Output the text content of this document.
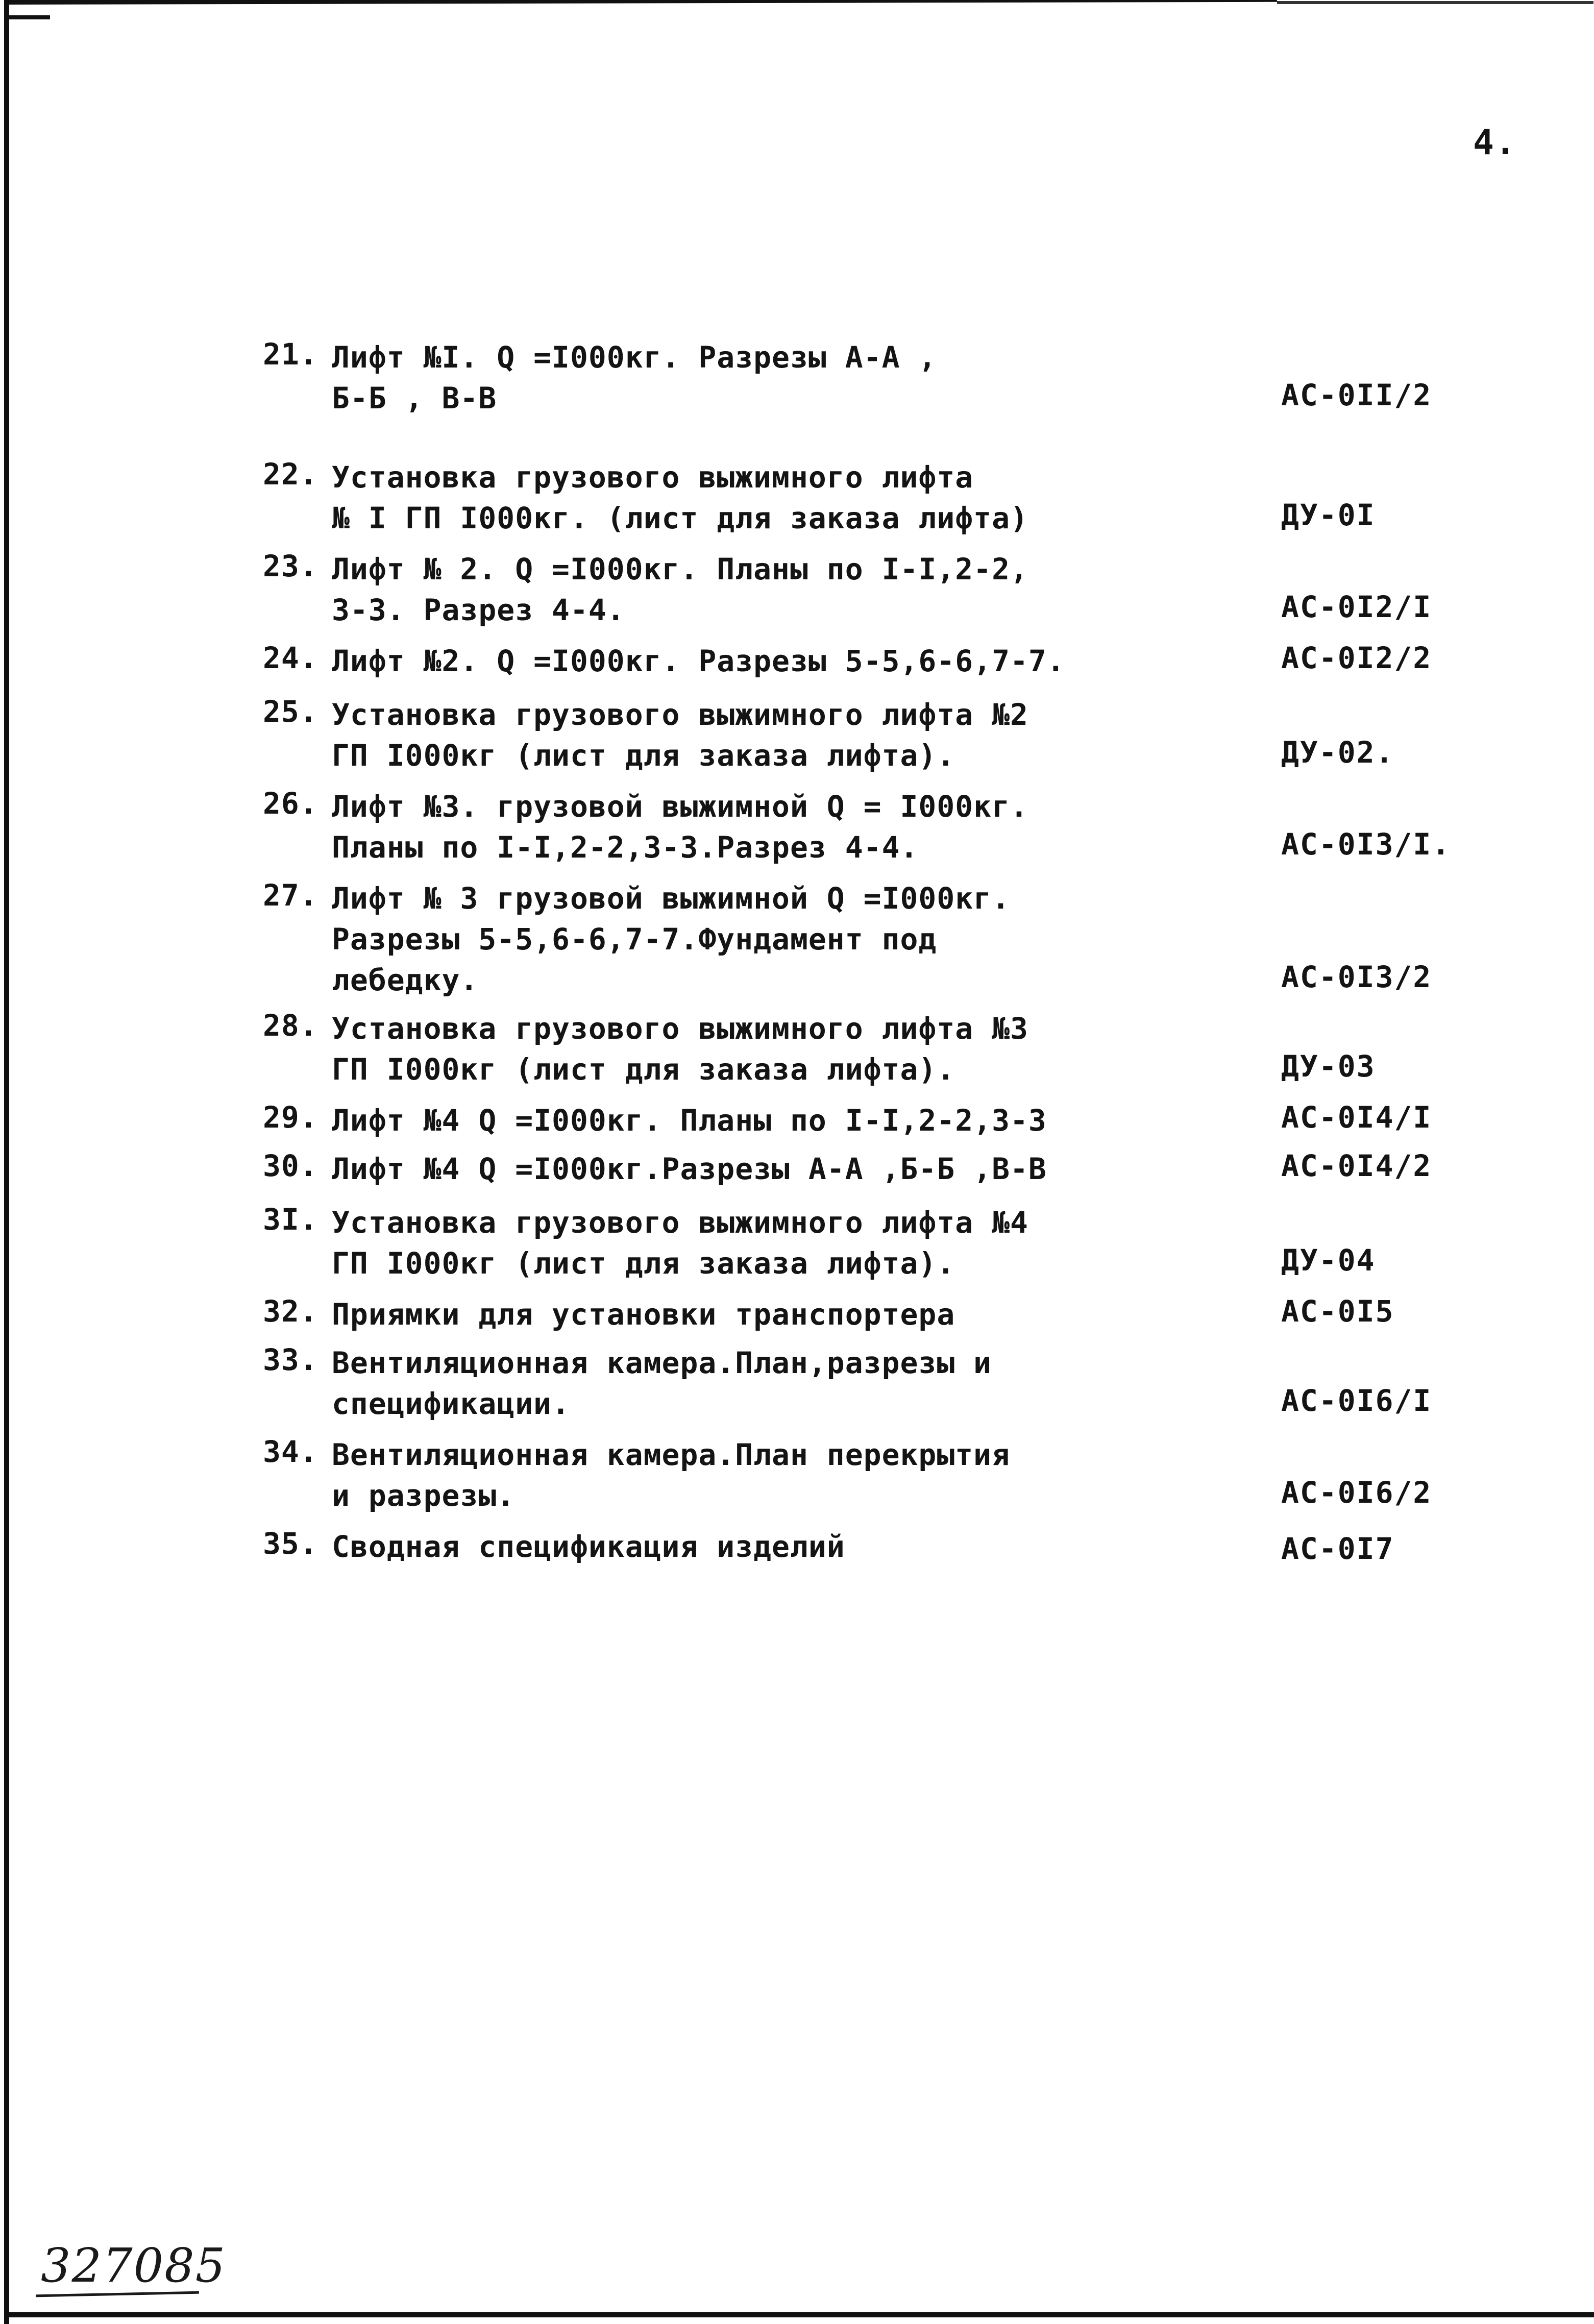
4.
21. Лифт №I. Q =I000кг. Разрезы А-А ,
Б-Б , В-В	АС-0II/2
22. Установка грузового выжимного лифта
№ I ГП I000кг. (лист для заказа лифта)	ДУ-0I
23. Лифт № 2. Q =I000кг. Планы по I-I,2-2,
3-3. Разрез 4-4.	АС-0I2/I
24. Лифт №2. Q =I000кг. Разрезы 5-5,6-6,7-7.	АС-0I2/2
25. Установка грузового выжимного лифта №2
ГП I000кг (лист для заказа лифта).	ДУ-02.
26. Лифт №3. грузовой выжимной Q = I000кг.
Планы по I-I,2-2,3-3.Разрез 4-4.	АС-0I3/I.
27. Лифт № 3 грузовой выжимной Q =I000кг.
Разрезы 5-5,6-6,7-7.Фундамент под
лебедку.	АС-0I3/2
28. Установка грузового выжимного лифта №3
ГП I000кг (лист для заказа лифта).	ДУ-03
29. Лифт №4 Q =I000кг. Планы по I-I,2-2,3-3	АС-0I4/I
30. Лифт №4 Q =I000кг.Разрезы А-А ,Б-Б ,В-В	АС-0I4/2
3I. Установка грузового выжимного лифта №4
ГП I000кг (лист для заказа лифта).	ДУ-04
32. Приямки для установки транспортера	АС-0I5
33. Вентиляционная камера.План,разрезы и
спецификации.	АС-0I6/I
34. Вентиляционная камера.План перекрытия
и разрезы.	АС-0I6/2
35. Сводная спецификация изделий	АС-0I7
327085
